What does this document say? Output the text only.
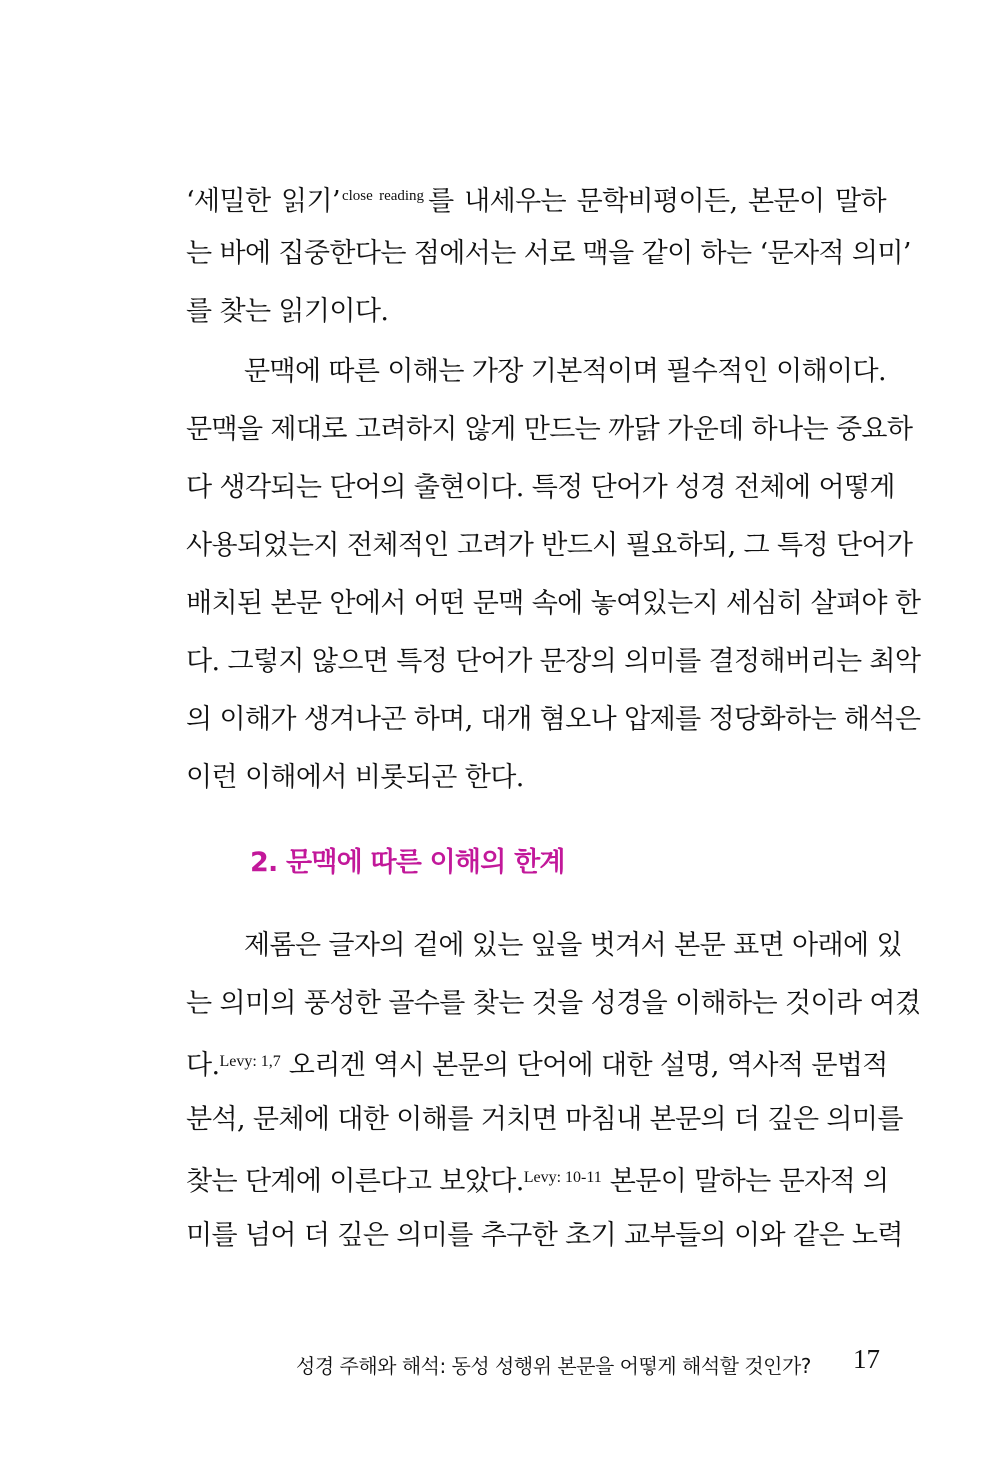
‘세밀한 읽기’ $^{close reading}$ 를 내세우는 문학비평이든, 본문이 말하
는 바에 집중한다는 점에서는 서로 맥을 같이 하는 ‘문자적 의미’
를 찾는 읽기이다.
문맥에 따른 이해는 가장 기본적이며 필수적인 이해이다.
문맥을 제대로 고려하지 않게 만드는 까닭 가운데 하나는 중요하
다 생각되는 단어의 출현이다. 특정 단어가 성경 전체에 어떻게
사용되었는지 전체적인 고려가 반드시 필요하되, 그 특정 단어가
배치된 본문 안에서 어떤 문맥 속에 놓여있는지 세심히 살펴야 한
다. 그렇지 않으면 특정 단어가 문장의 의미를 결정해버리는 최악
의 이해가 생겨나곤 하며, 대개 혐오나 압제를 정당화하는 해석은
이런 이해에서 비롯되곤 한다.
2. 문맥에 따른 이해의 한계
제롬은 글자의 겉에 있는 잎을 벗겨서 본문 표면 아래에 있
는 의미의 풍성한 골수를 찾는 것을 성경을 이해하는 것이라 여겼
다.$^{Levy: 1,7}$ 오리겐 역시 본문의 단어에 대한 설명, 역사적 문법적
분석, 문체에 대한 이해를 거치면 마침내 본문의 더 깊은 의미를
찾는 단계에 이른다고 보았다.$^{Levy: 10-11}$ 본문이 말하는 문자적 의
미를 넘어 더 깊은 의미를 추구한 초기 교부들의 이와 같은 노력
성경 주해와 해석: 동성 성행위 본문을 어떻게 해석할 것인가? 17
